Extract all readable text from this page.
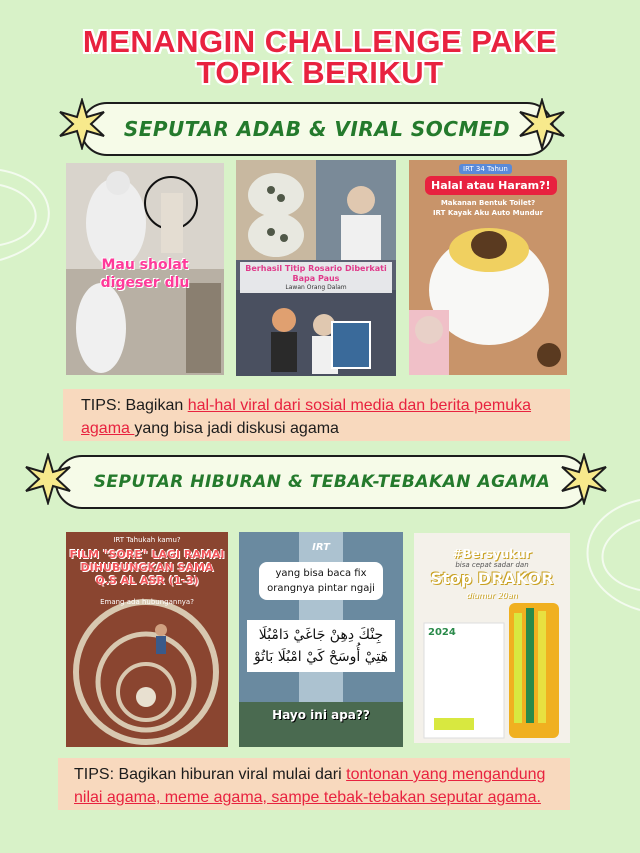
MENANGIN CHALLENGE PAKE
TOPIK BERIKUT
SEPUTAR ADAB & VIRAL SOCMED
Mau sholat
digeser dlu
Berhasil Titip Rosario Diberkati Bapa Paus
Lawan Orang Dalam
IRT 34 Tahun
Halal atau Haram?!
Makanan Bentuk Toilet?
IRT Kayak Aku Auto Mundur
TIPS: Bagikan hal-hal viral dari sosial media dan berita pemuka agama yang bisa jadi diskusi agama
SEPUTAR HIBURAN & TEBAK-TEBAKAN AGAMA
IRT Tahukah kamu?
FILM "SORE" LAGI RAMAI
DIHUBUNGKAN SAMA
Q.S AL ASR (1-3)
Emang ada hubungannya?
IRT
yang bisa baca fix
orangnya pintar ngaji
جِنْكَ دِهِنْ جَاغَيْ دَامْبُلَا
هَتِيْ أُوسَحْ كَيْ امْبُلَا بَاتُوْ
Hayo ini apa??
#Bersyukur
bisa cepat sadar dan
Stop DRAKOR
diumur 20an
2024
TIPS: Bagikan hiburan viral mulai dari tontonan yang mengandung nilai agama, meme agama, sampe tebak-tebakan seputar agama.
